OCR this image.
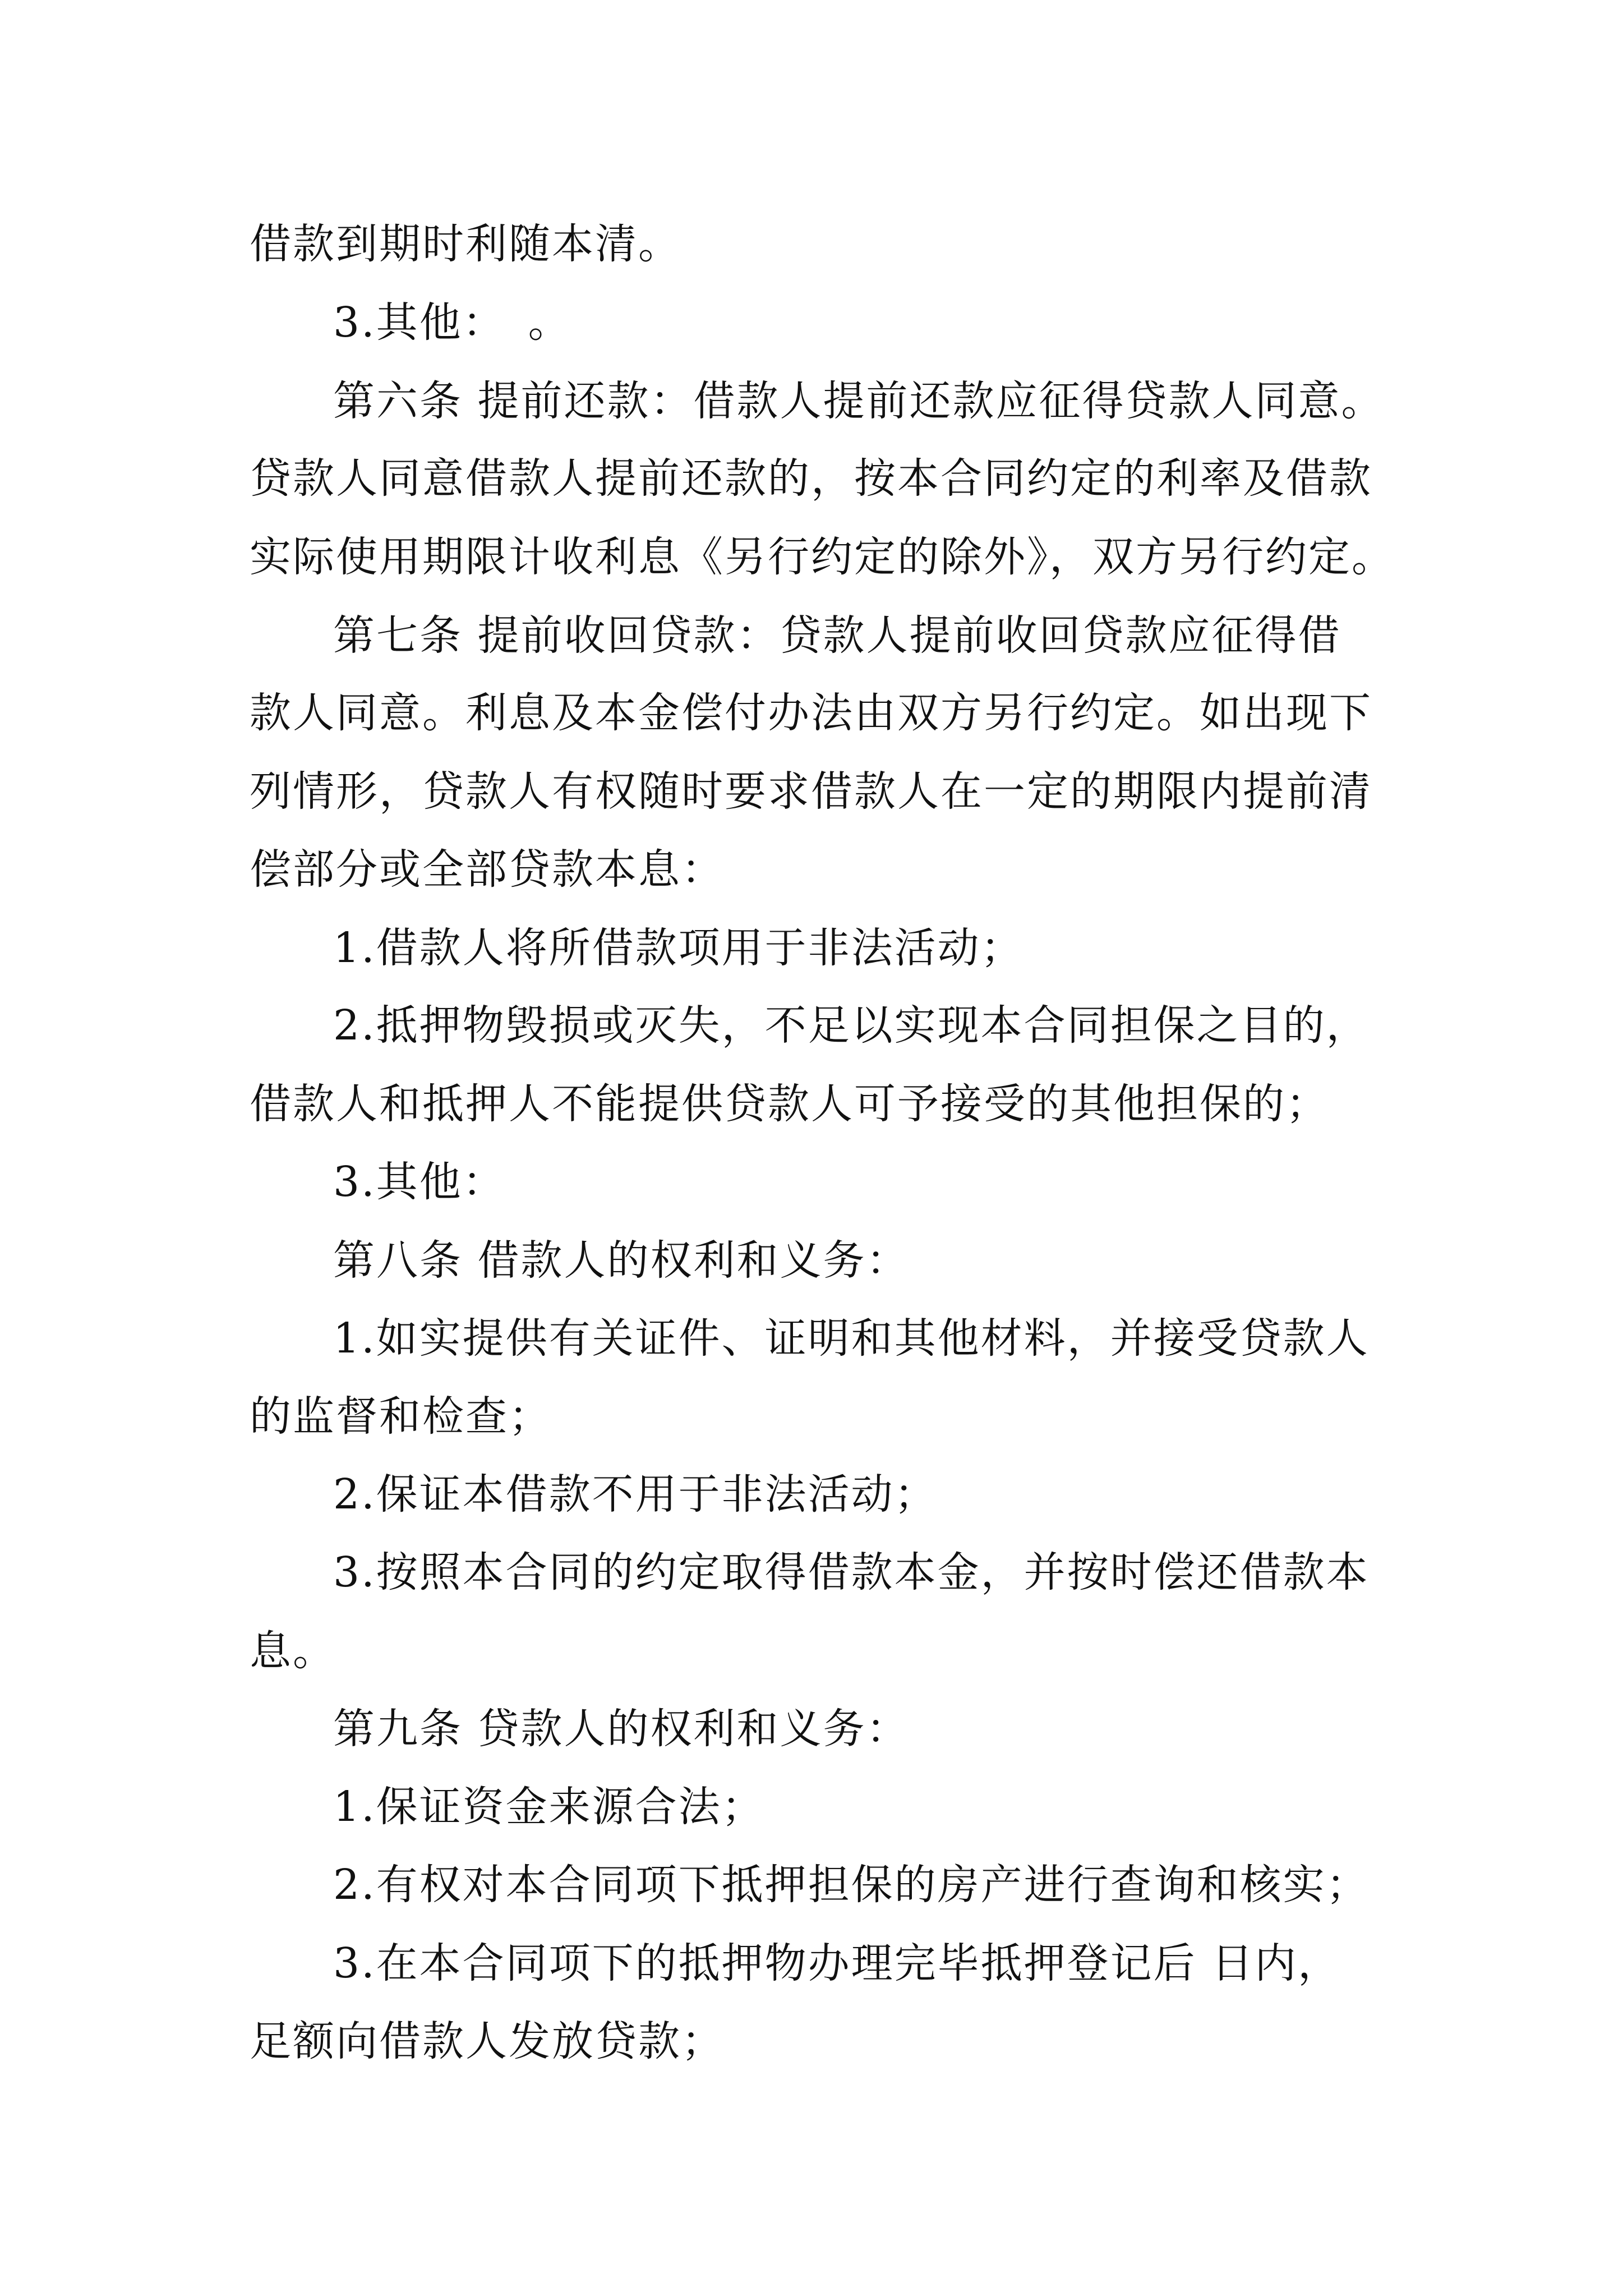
借款到期时利随本清。
3.其他：　。
第六条 提前还款：借款人提前还款应征得贷款人同意。
贷款人同意借款人提前还款的，按本合同约定的利率及借款
实际使用期限计收利息《另行约定的除外》，双方另行约定。
第七条 提前收回贷款：贷款人提前收回贷款应征得借
款人同意。利息及本金偿付办法由双方另行约定。如出现下
列情形，贷款人有权随时要求借款人在一定的期限内提前清
偿部分或全部贷款本息：
1.借款人将所借款项用于非法活动；
2.抵押物毁损或灭失，不足以实现本合同担保之目的，
借款人和抵押人不能提供贷款人可予接受的其他担保的；
3.其他：
第八条 借款人的权利和义务：
1.如实提供有关证件、证明和其他材料，并接受贷款人
的监督和检查；
2.保证本借款不用于非法活动；
3.按照本合同的约定取得借款本金，并按时偿还借款本
息。
第九条 贷款人的权利和义务：
1.保证资金来源合法；
2.有权对本合同项下抵押担保的房产进行查询和核实；
3.在本合同项下的抵押物办理完毕抵押登记后 日内，
足额向借款人发放贷款；
